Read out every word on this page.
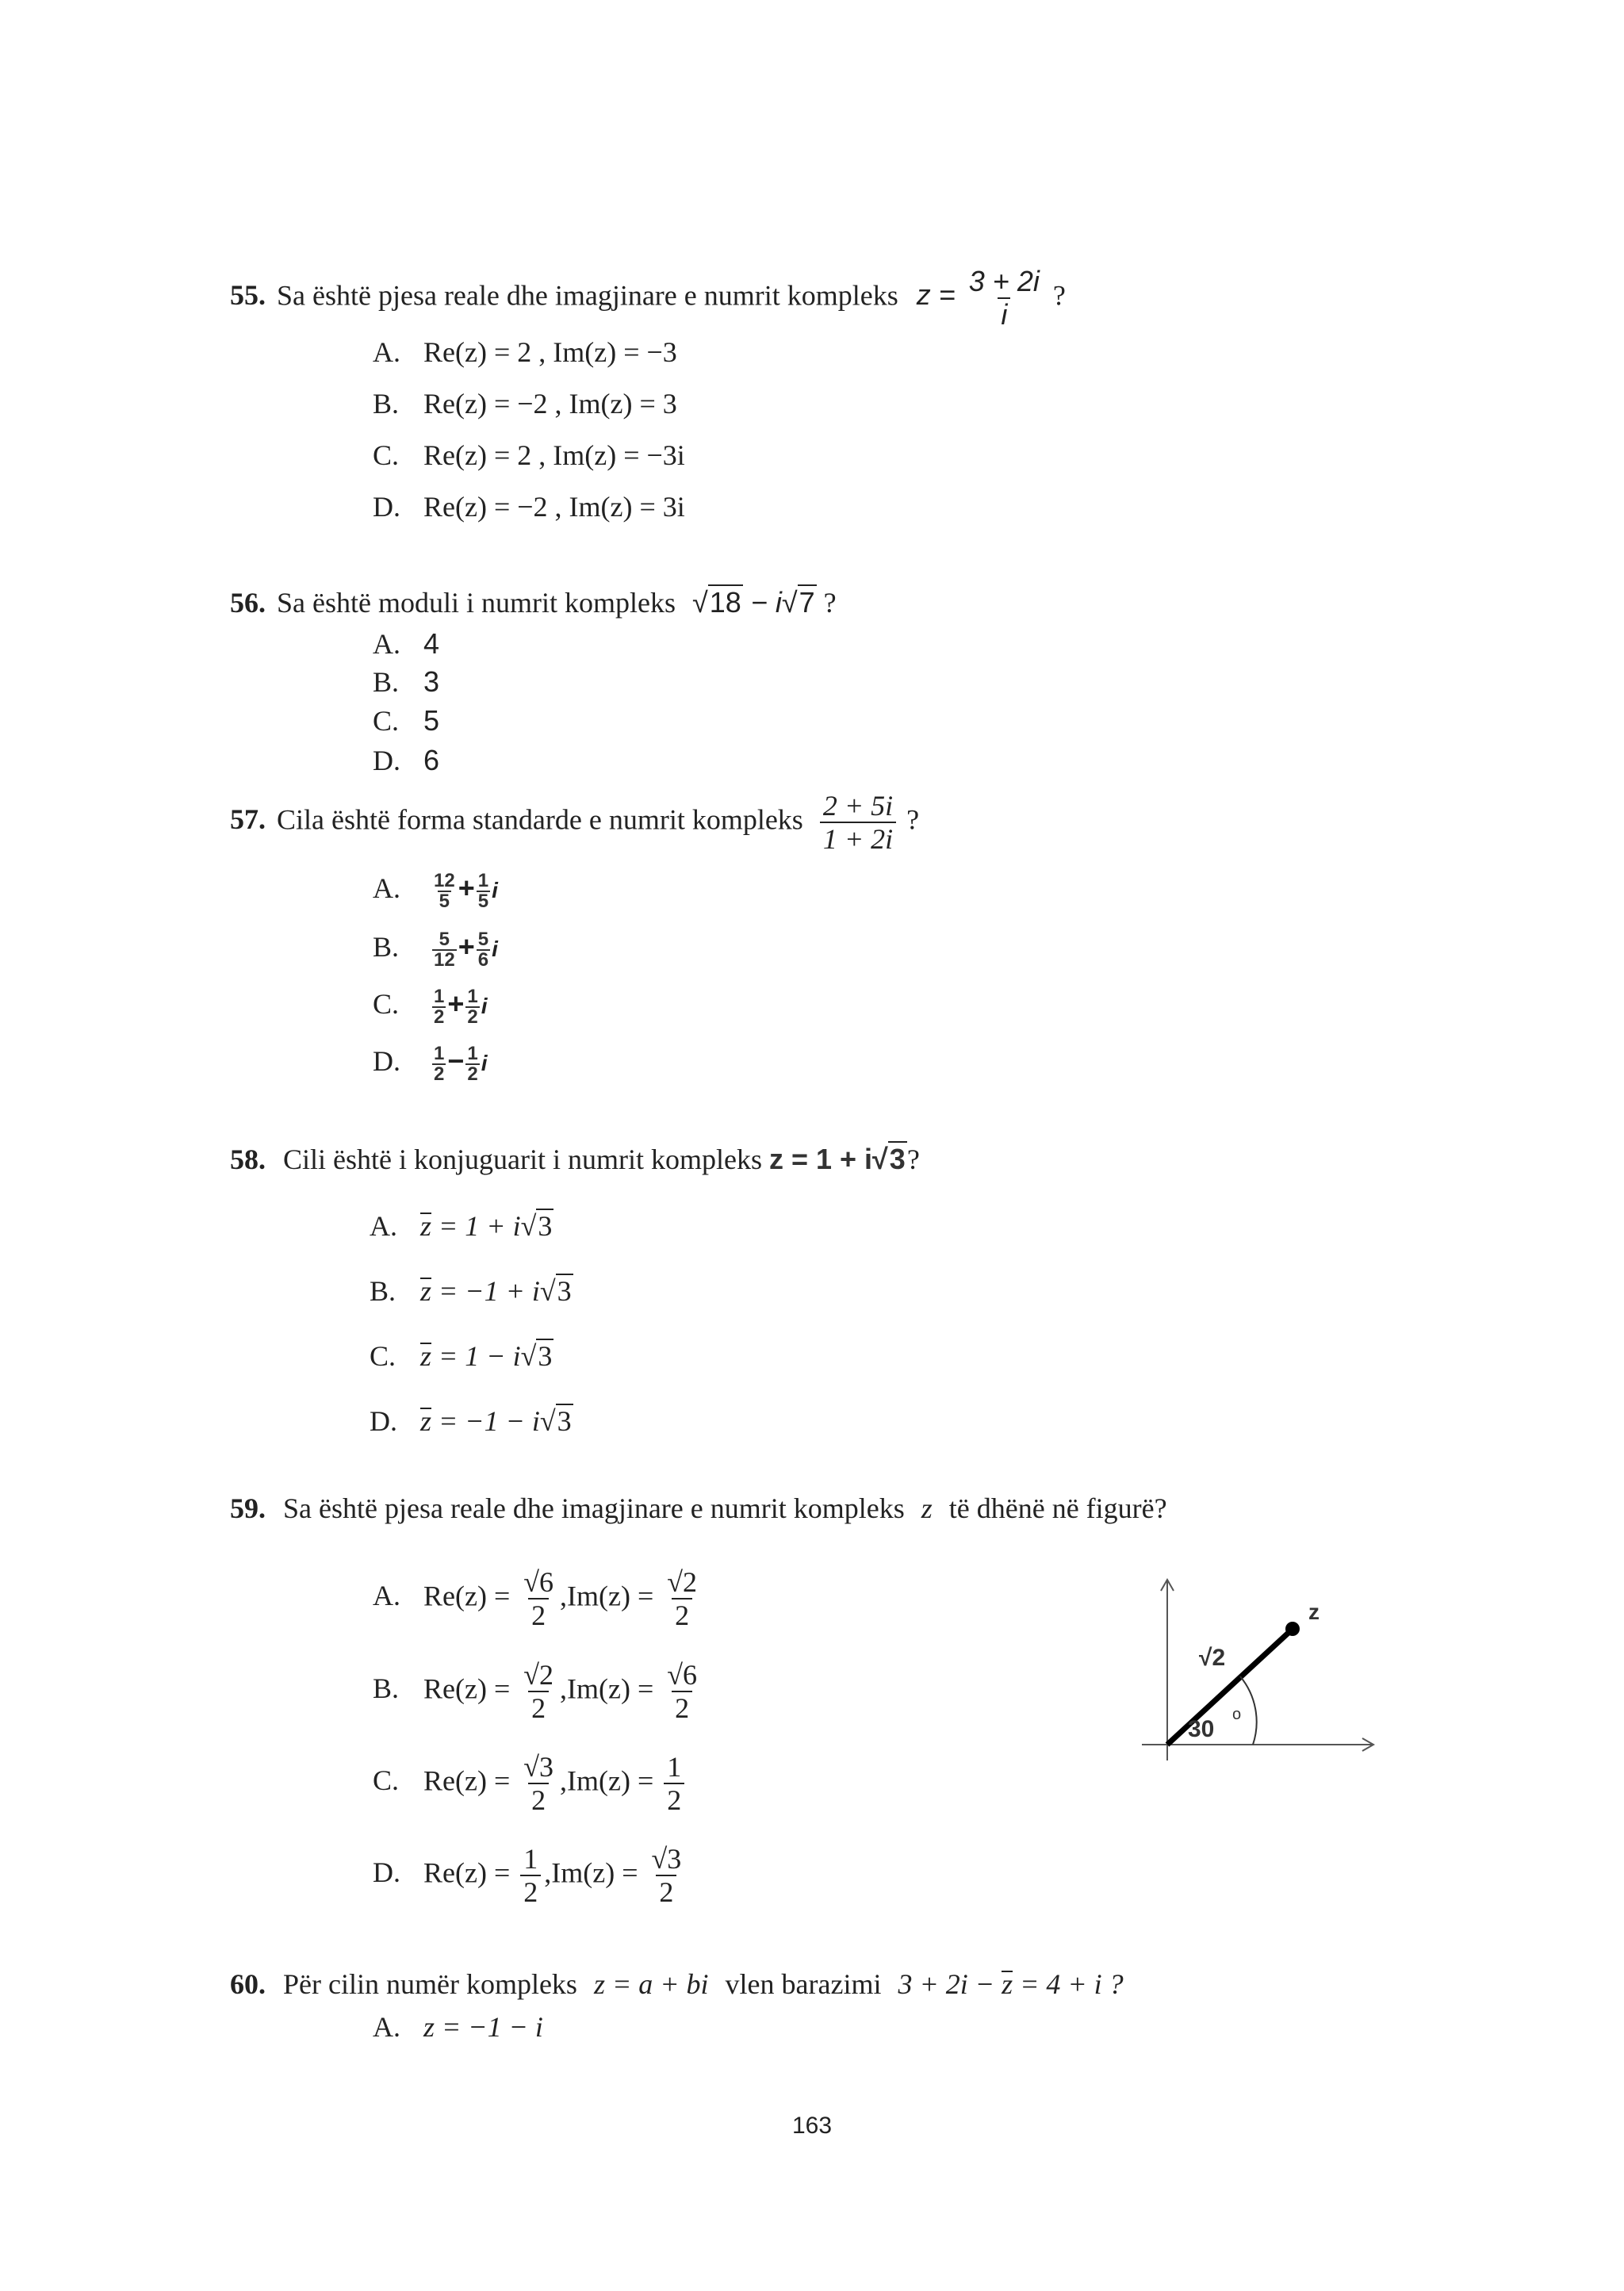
55. Sa është pjesa reale dhe imagjinare e numrit kompleks $z = \frac{3 + 2i}{i}$ ?
A. Re(z) = 2 , Im(z) = −3
B. Re(z) = −2 , Im(z) = 3
C. Re(z) = 2 , Im(z) = −3i
D. Re(z) = −2 , Im(z) = 3i
56. Sa është moduli i numrit kompleks √18 − i√7 ?
A. 4
B. 3
C. 5
D. 6
57. Cila është forma standarde e numrit kompleks $\frac{2 + 5i}{1 + 2i}$ ?
A. $\frac{12}{5} + \frac{1}{5}$ i
B. $\frac{5}{12} + \frac{5}{6}$ i
C. $\frac{1}{2} + \frac{1}{2}$ i
D. $\frac{1}{2} - \frac{1}{2}$ i
58. Cili është i konjuguarit i numrit kompleks z = 1 + i√3?
A. z = 1 + i√3
B. z = −1 + i√3
C. z = 1 − i√3
D. z = −1 − i√3
59. Sa është pjesa reale dhe imagjinare e numrit kompleks z të dhënë në figurë?
A. $Re(z) = \frac{√6}{2} ,Im(z) = \frac{√2}{2}$
B. $Re(z) = \frac{√2}{2} ,Im(z) = \frac{√6}{2}$
C. $Re(z) = \frac{√3}{2} ,Im(z) = \frac{1}{2}$
D. $Re(z) = \frac{1}{2} ,Im(z) = \frac{√3}{2}$
z
√2
30
o
60. Për cilin numër kompleks z = a + bi vlen barazimi 3 + 2i − z = 4 + i ?
A. z = −1 − i
163
